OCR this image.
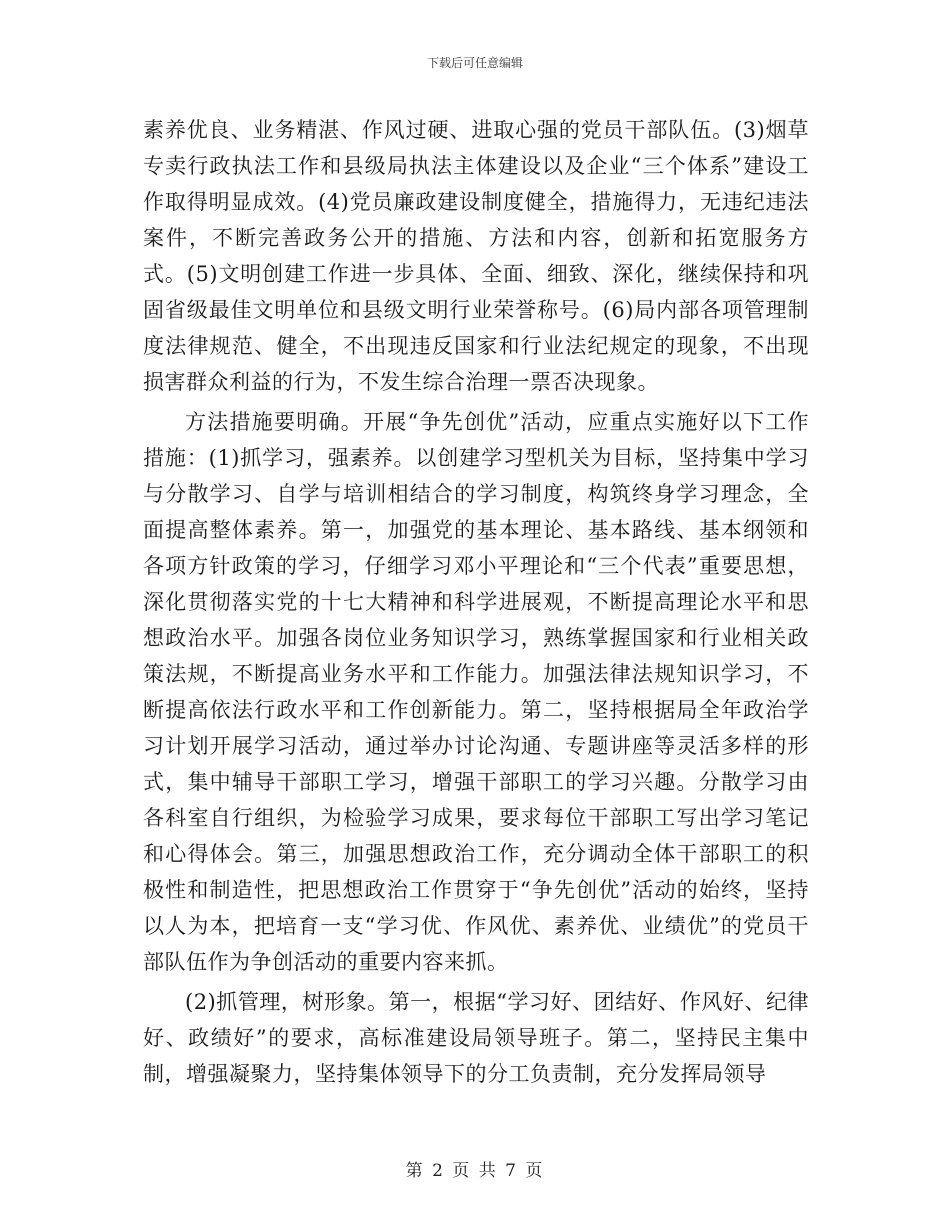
下载后可任意编辑

素养优良、业务精湛、作风过硬、进取心强的党员干部队伍。(3)烟草专卖行政执法工作和县级局执法主体建设以及企业“三个体系”建设工作取得明显成效。(4)党员廉政建设制度健全，措施得力，无违纪违法案件，不断完善政务公开的措施、方法和内容，创新和拓宽服务方式。(5)文明创建工作进一步具体、全面、细致、深化，继续保持和巩固省级最佳文明单位和县级文明行业荣誉称号。(6)局内部各项管理制度法律规范、健全，不出现违反国家和行业法纪规定的现象，不出现损害群众利益的行为，不发生综合治理一票否决现象。

方法措施要明确。开展“争先创优”活动，应重点实施好以下工作措施：(1)抓学习，强素养。以创建学习型机关为目标，坚持集中学习与分散学习、自学与培训相结合的学习制度，构筑终身学习理念，全面提高整体素养。第一，加强党的基本理论、基本路线、基本纲领和各项方针政策的学习，仔细学习邓小平理论和“三个代表”重要思想，深化贯彻落实党的十七大精神和科学进展观，不断提高理论水平和思想政治水平。加强各岗位业务知识学习，熟练掌握国家和行业相关政策法规，不断提高业务水平和工作能力。加强法律法规知识学习，不断提高依法行政水平和工作创新能力。第二，坚持根据局全年政治学习计划开展学习活动，通过举办讨论沟通、专题讲座等灵活多样的形式，集中辅导干部职工学习，增强干部职工的学习兴趣。分散学习由各科室自行组织，为检验学习成果，要求每位干部职工写出学习笔记和心得体会。第三，加强思想政治工作，充分调动全体干部职工的积极性和制造性，把思想政治工作贯穿于“争先创优”活动的始终，坚持以人为本，把培育一支“学习优、作风优、素养优、业绩优”的党员干部队伍作为争创活动的重要内容来抓。

(2)抓管理，树形象。第一，根据“学习好、团结好、作风好、纪律好、政绩好”的要求，高标准建设局领导班子。第二，坚持民主集中制，增强凝聚力，坚持集体领导下的分工负责制，充分发挥局领导

第 2 页 共 7 页
